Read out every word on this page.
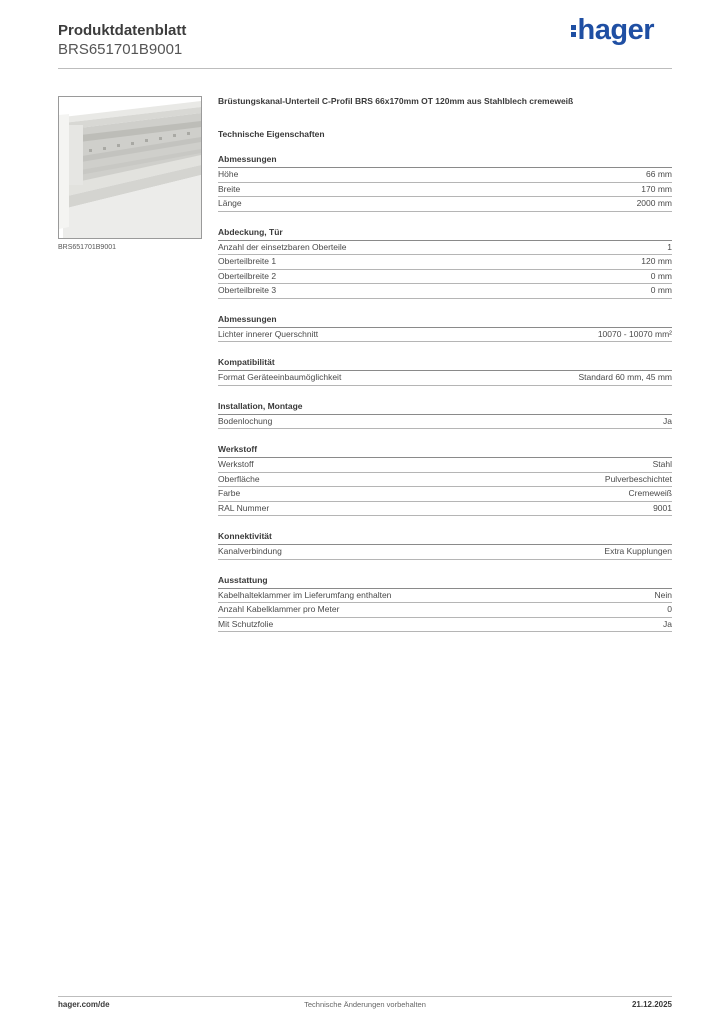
Produktdatenblatt
BRS651701B9001
hager
BRS651701B9001
Brüstungskanal-Unterteil C-Profil BRS 66x170mm OT 120mm aus Stahlblech cremeweiß
Technische Eigenschaften
Abmessungen
Höhe	66 mm
Breite	170 mm
Länge	2000 mm
Abdeckung, Tür
Anzahl der einsetzbaren Oberteile	1
Oberteilbreite 1	120 mm
Oberteilbreite 2	0 mm
Oberteilbreite 3	0 mm
Abmessungen
Lichter innerer Querschnitt	10070 - 10070 mm²
Kompatibilität
Format Geräteeinbaumöglichkeit	Standard 60 mm, 45 mm
Installation, Montage
Bodenlochung	Ja
Werkstoff
Werkstoff	Stahl
Oberfläche	Pulverbeschichtet
Farbe	Cremeweiß
RAL Nummer	9001
Konnektivität
Kanalverbindung	Extra Kupplungen
Ausstattung
Kabelhalteklammer im Lieferumfang enthalten	Nein
Anzahl Kabelklammer pro Meter	0
Mit Schutzfolie	Ja
hager.com/de	Technische Änderungen vorbehalten	21.12.2025
